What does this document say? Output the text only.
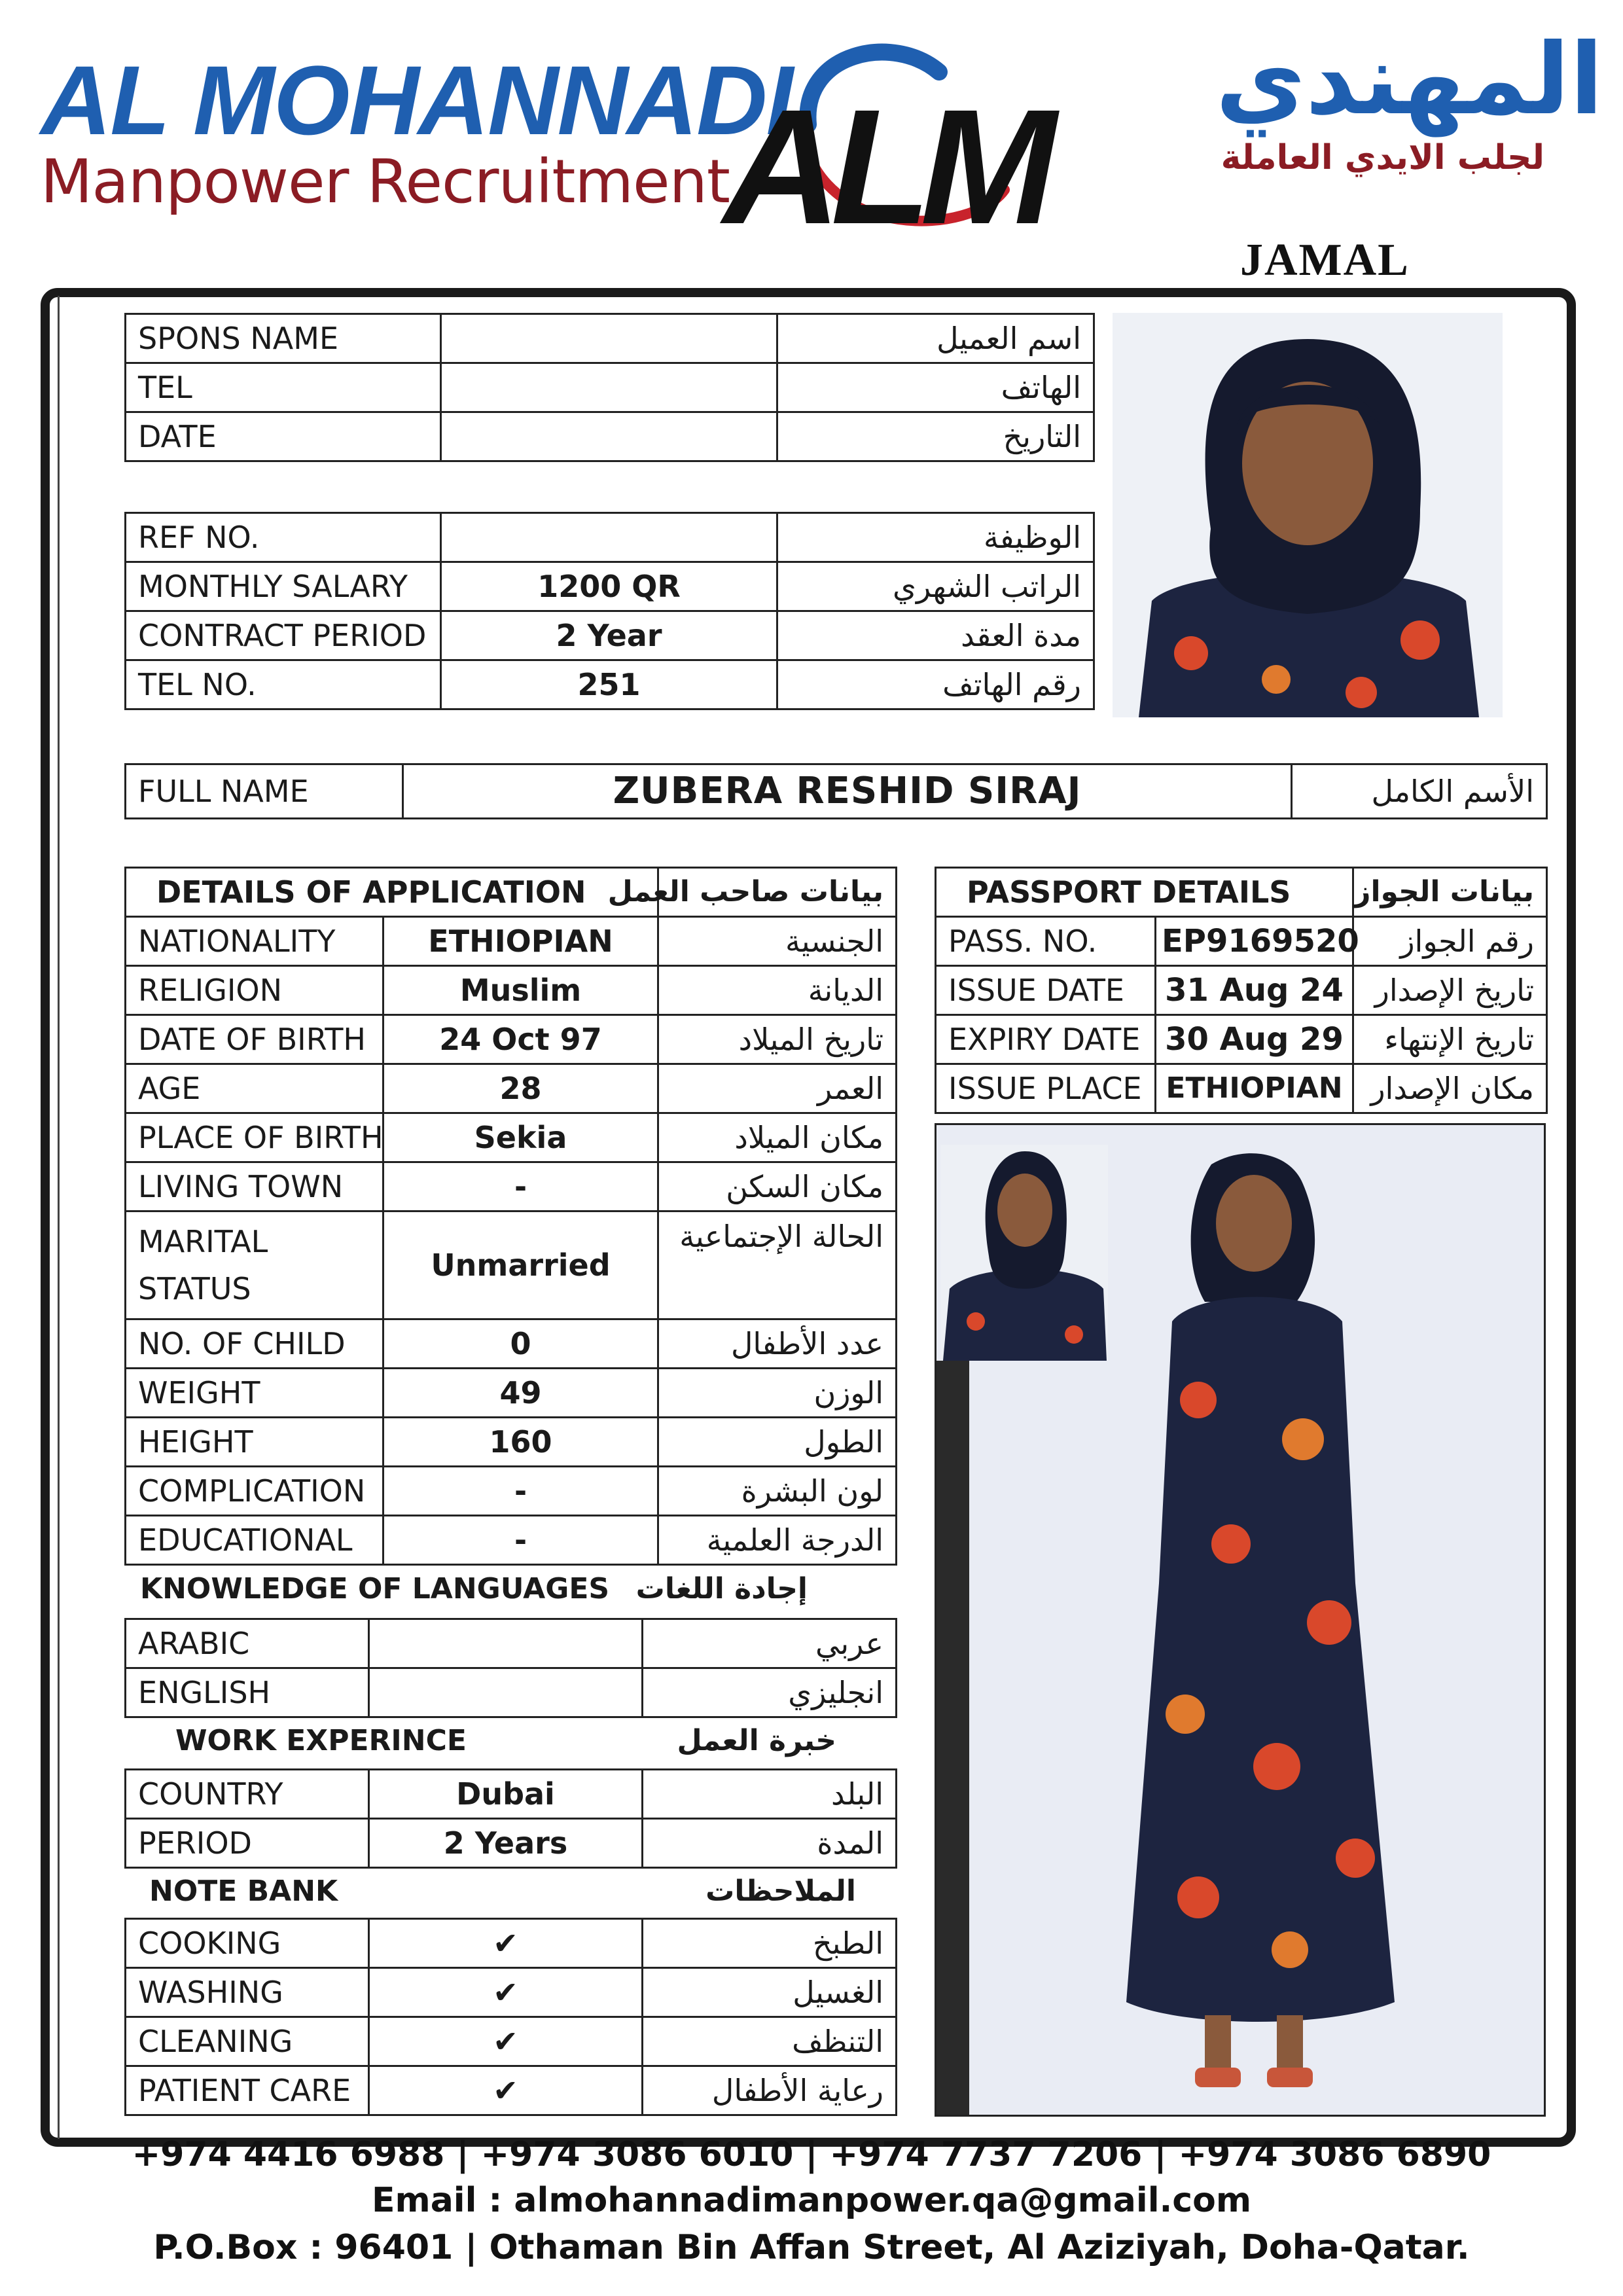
AL MOHANNADI
Manpower Recruitment
ALM	المهندي
لجلب الايدي العاملة
JAMAL
SPONS NAME		اسم العميل
TEL		الهاتف
DATE		التاريخ
REF NO.		الوظيفة
MONTHLY SALARY	1200 QR	الراتب الشهري
CONTRACT PERIOD	2 Year	مدة العقد
TEL NO.	251	رقم الهاتف
FULL NAME	ZUBERA RESHID SIRAJ	الأسم الكامل
DETAILS OF APPLICATION		بيانات صاحب العمل
NATIONALITY	ETHIOPIAN	الجنسية
RELIGION	Muslim	الديانة
DATE OF BIRTH	24 Oct 97	تاريخ الميلاد
AGE	28	العمر
PLACE OF BIRTH	Sekia	مكان الميلاد
LIVING TOWN	-	مكان السكن

MARITAL
STATUS	Unmarried	الحالة الإجتماعية
NO. OF CHILD	0	عدد الأطفال
WEIGHT	49	الوزن
HEIGHT	160	الطول
COMPLICATION	-	لون البشرة
EDUCATIONAL	-	الدرجة العلمية
KNOWLEDGE OF LANGUAGES إجادة اللغات
ARABIC		عربي
ENGLISH		انجليزي
WORK EXPERINCE	خبرة العمل
COUNTRY	Dubai	البلد
PERIOD	2 Years	المدة
NOTE BANK	الملاحظات
COOKING	✔	الطبخ
WASHING	✔	الغسيل
CLEANING	✔	التنظف
PATIENT CARE	✔	رعاية الأطفال
PASSPORT DETAILS		بيانات الجواز
PASS. NO.	EP9169520	رقم الجواز
ISSUE DATE	31 Aug 24	تاريخ الإصدار
EXPIRY DATE	30 Aug 29	تاريخ الإنتهاء
ISSUE PLACE	ETHIOPIAN	مكان الإصدار
+974 4416 6988 | +974 3086 6010 | +974 7737 7206 | +974 3086 6890
Email : almohannadimanpower.qa@gmail.com
P.O.Box : 96401 | Othaman Bin Affan Street, Al Aziziyah, Doha-Qatar.
